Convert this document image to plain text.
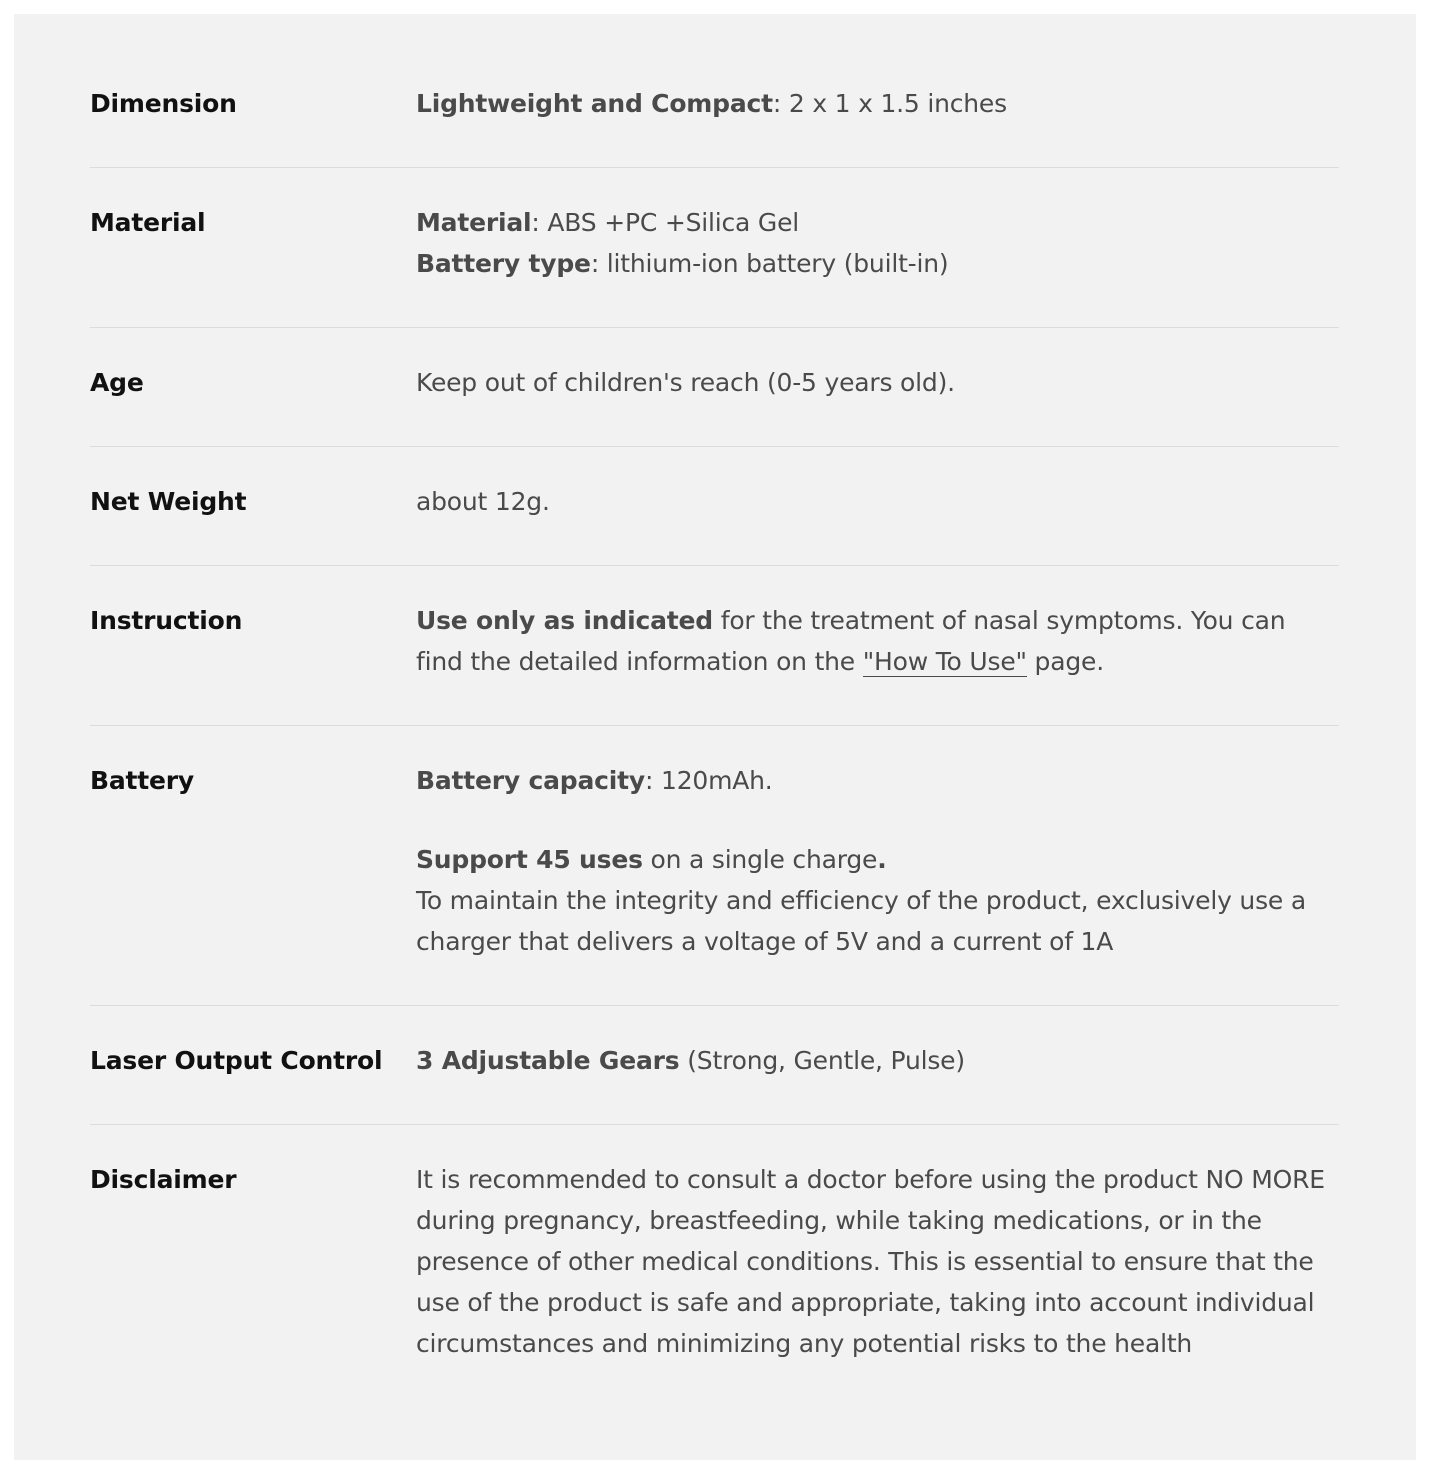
Dimension	Lightweight and Compact: 2 x 1 x 1.5 inches
Material	Material: ABS +PC +Silica Gel
Battery type: lithium-ion battery (built-in)
Age	Keep out of children's reach (0-5 years old).
Net Weight	about 12g.
Instruction	Use only as indicated for the treatment of nasal symptoms. You can find the detailed information on the "How To Use" page.
Battery	Battery capacity: 120mAh.
Support 45 uses on a single charge.
To maintain the integrity and efficiency of the product, exclusively use a charger that delivers a voltage of 5V and a current of 1A
Laser Output Control	3 Adjustable Gears (Strong, Gentle, Pulse)
Disclaimer	It is recommended to consult a doctor before using the product NO MORE during pregnancy, breastfeeding, while taking medications, or in the presence of other medical conditions. This is essential to ensure that the use of the product is safe and appropriate, taking into account individual circumstances and minimizing any potential risks to the health
